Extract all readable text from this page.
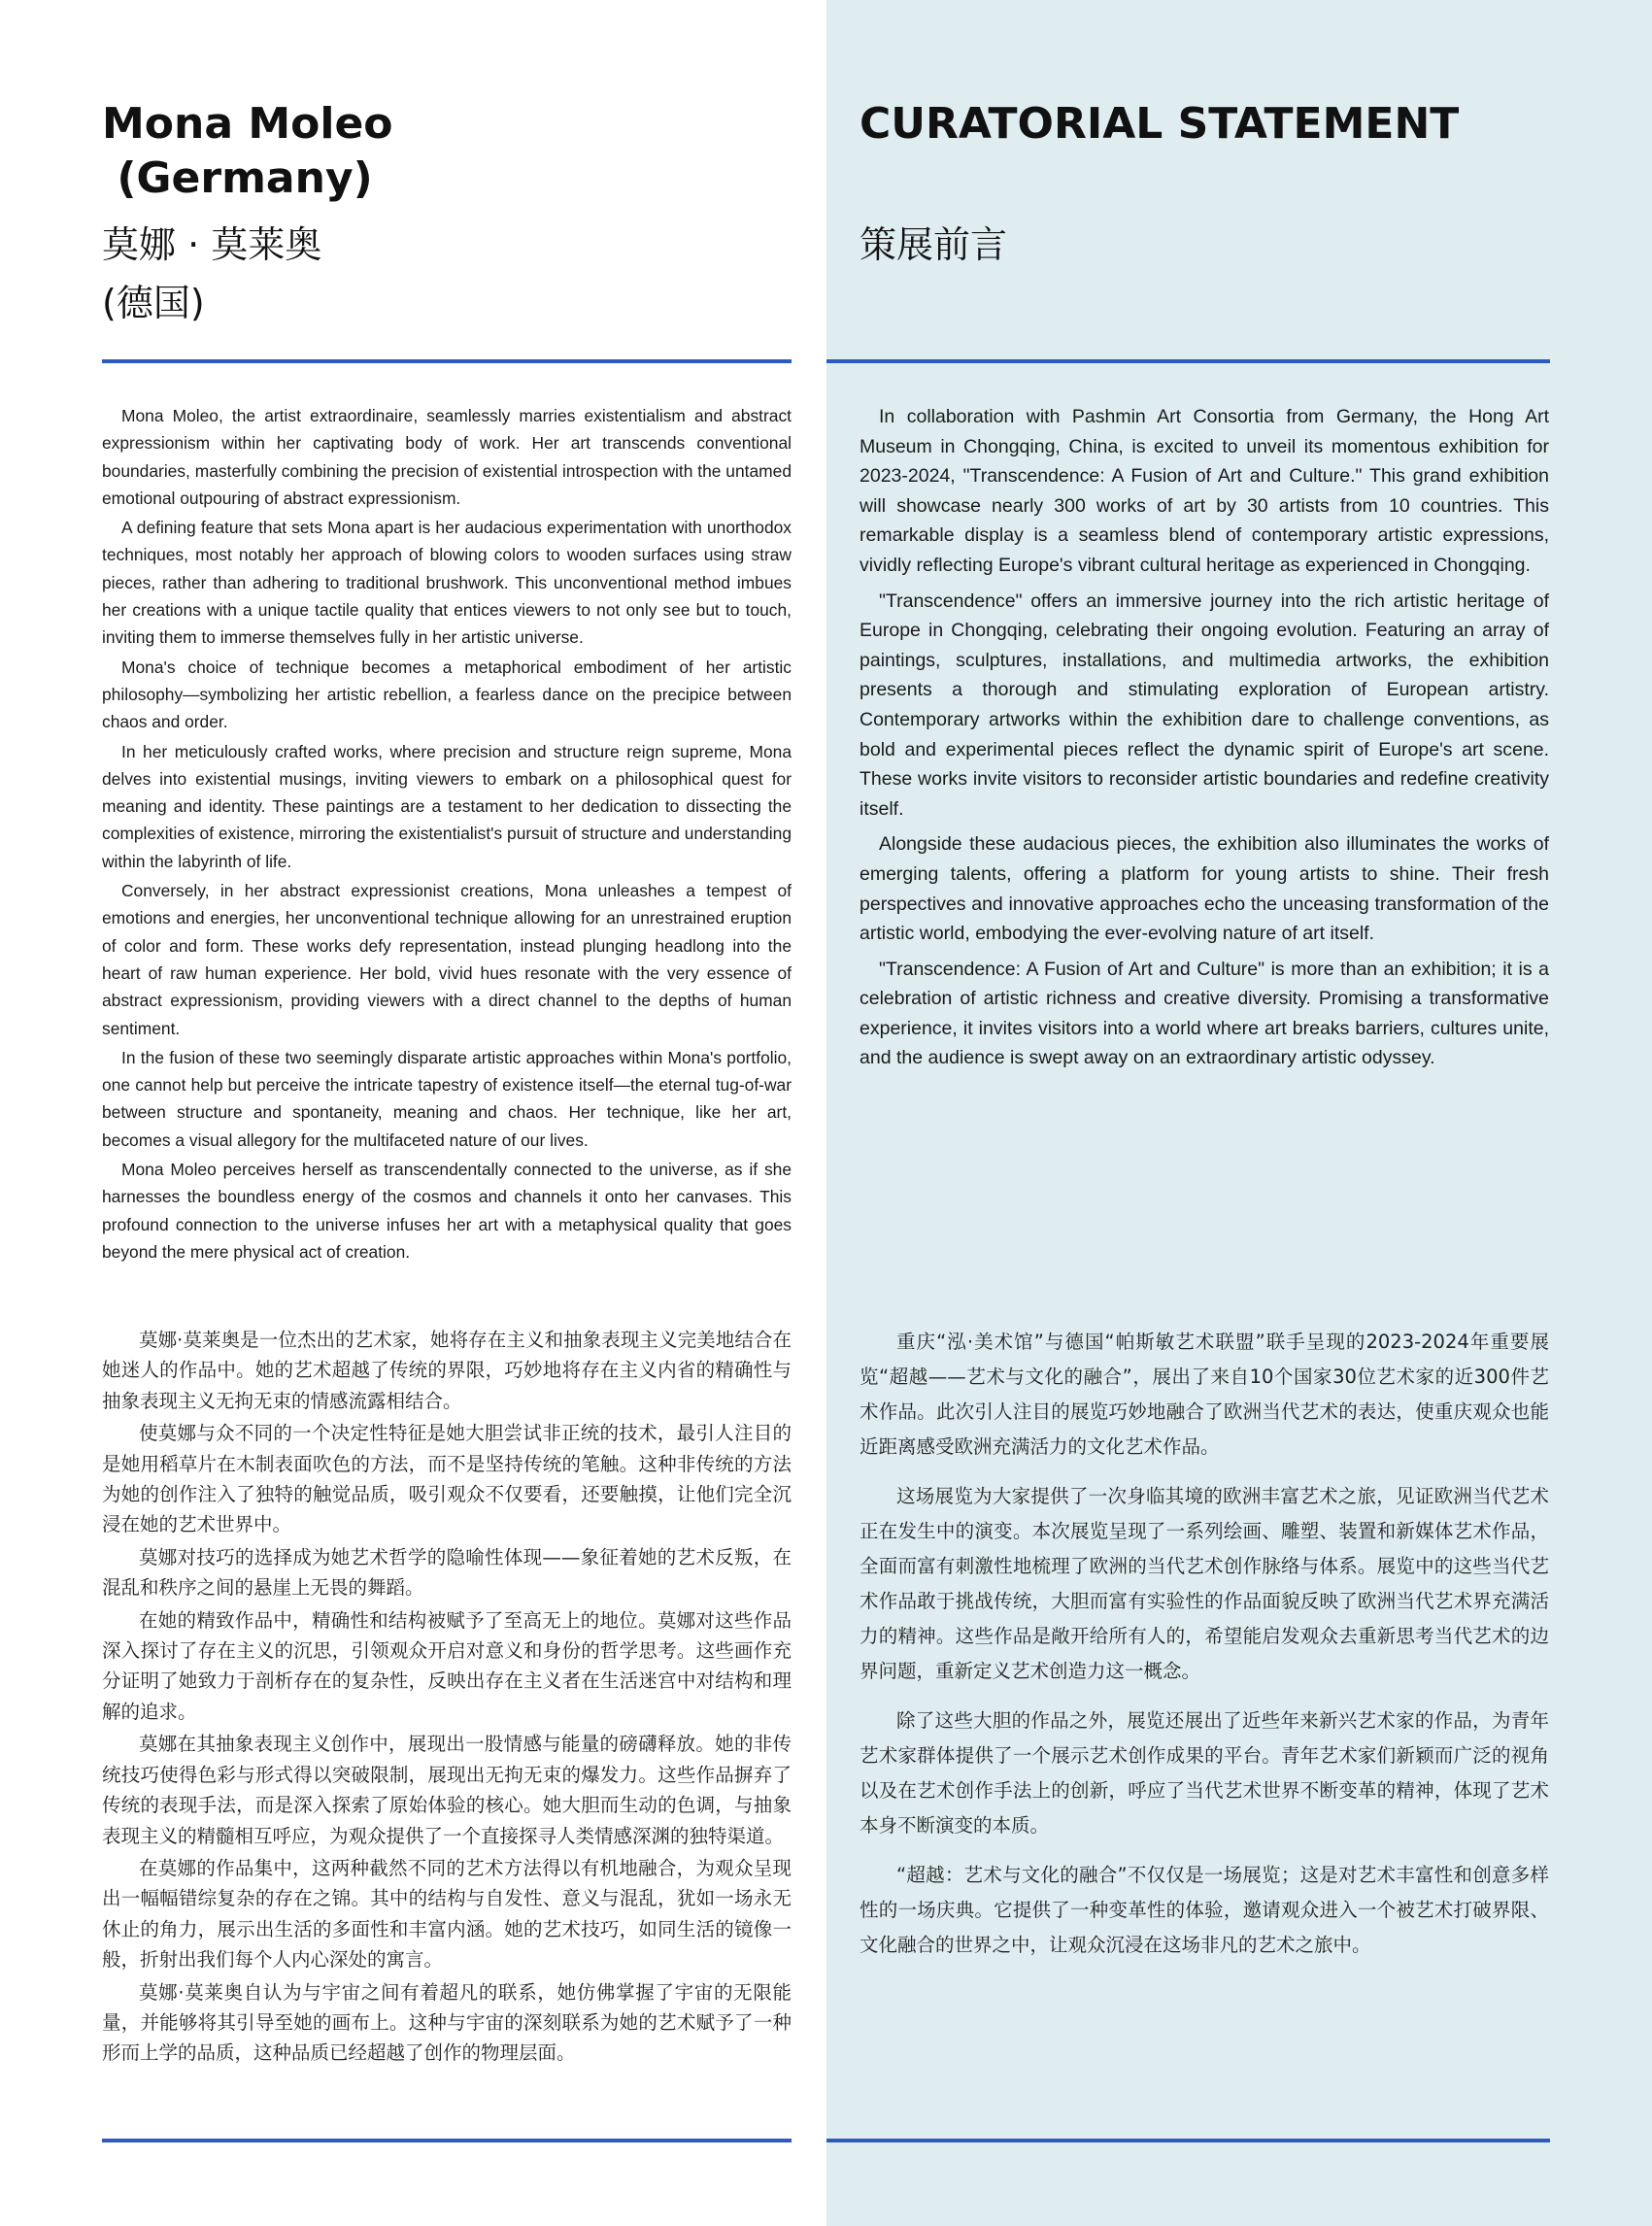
Mona Moleo
(Germany)
莫娜 · 莫莱奥
(德国)
CURATORIAL STATEMENT
策展前言

Mona Moleo, the artist extraordinaire, seamlessly marries existentialism and abstract expressionism within her captivating body of work. Her art transcends conventional boundaries, masterfully combining the precision of existential introspection with the untamed emotional outpouring of abstract expressionism.

A defining feature that sets Mona apart is her audacious experimentation with unorthodox techniques, most notably her approach of blowing colors to wooden surfaces using straw pieces, rather than adhering to traditional brushwork. This unconventional method imbues her creations with a unique tactile quality that entices viewers to not only see but to touch, inviting them to immerse themselves fully in her artistic universe.

Mona's choice of technique becomes a metaphorical embodiment of her artistic philosophy—symbolizing her artistic rebellion, a fearless dance on the precipice between chaos and order.

In her meticulously crafted works, where precision and structure reign supreme, Mona delves into existential musings, inviting viewers to embark on a philosophical quest for meaning and identity. These paintings are a testament to her dedication to dissecting the complexities of existence, mirroring the existentialist's pursuit of structure and understanding within the labyrinth of life.

Conversely, in her abstract expressionist creations, Mona unleashes a tempest of emotions and energies, her unconventional technique allowing for an unrestrained eruption of color and form. These works defy representation, instead plunging headlong into the heart of raw human experience. Her bold, vivid hues resonate with the very essence of abstract expressionism, providing viewers with a direct channel to the depths of human sentiment.

In the fusion of these two seemingly disparate artistic approaches within Mona's portfolio, one cannot help but perceive the intricate tapestry of existence itself—the eternal tug-of-war between structure and spontaneity, meaning and chaos. Her technique, like her art, becomes a visual allegory for the multifaceted nature of our lives.

Mona Moleo perceives herself as transcendentally connected to the universe, as if she harnesses the boundless energy of the cosmos and channels it onto her canvases. This profound connection to the universe infuses her art with a metaphysical quality that goes beyond the mere physical act of creation.

莫娜·莫莱奥是一位杰出的艺术家，她将存在主义和抽象表现主义完美地结合在她迷人的作品中。她的艺术超越了传统的界限，巧妙地将存在主义内省的精确性与抽象表现主义无拘无束的情感流露相结合。

使莫娜与众不同的一个决定性特征是她大胆尝试非正统的技术，最引人注目的是她用稻草片在木制表面吹色的方法，而不是坚持传统的笔触。这种非传统的方法为她的创作注入了独特的触觉品质，吸引观众不仅要看，还要触摸，让他们完全沉浸在她的艺术世界中。

莫娜对技巧的选择成为她艺术哲学的隐喻性体现——象征着她的艺术反叛，在混乱和秩序之间的悬崖上无畏的舞蹈。

在她的精致作品中，精确性和结构被赋予了至高无上的地位。莫娜对这些作品深入探讨了存在主义的沉思，引领观众开启对意义和身份的哲学思考。这些画作充分证明了她致力于剖析存在的复杂性，反映出存在主义者在生活迷宫中对结构和理解的追求。

莫娜在其抽象表现主义创作中，展现出一股情感与能量的磅礴释放。她的非传统技巧使得色彩与形式得以突破限制，展现出无拘无束的爆发力。这些作品摒弃了传统的表现手法，而是深入探索了原始体验的核心。她大胆而生动的色调，与抽象表现主义的精髓相互呼应，为观众提供了一个直接探寻人类情感深渊的独特渠道。

在莫娜的作品集中，这两种截然不同的艺术方法得以有机地融合，为观众呈现出一幅幅错综复杂的存在之锦。其中的结构与自发性、意义与混乱，犹如一场永无休止的角力，展示出生活的多面性和丰富内涵。她的艺术技巧，如同生活的镜像一般，折射出我们每个人内心深处的寓言。

莫娜·莫莱奥自认为与宇宙之间有着超凡的联系，她仿佛掌握了宇宙的无限能量，并能够将其引导至她的画布上。这种与宇宙的深刻联系为她的艺术赋予了一种形而上学的品质，这种品质已经超越了创作的物理层面。

In collaboration with Pashmin Art Consortia from Germany, the Hong Art Museum in Chongqing, China, is excited to unveil its momentous exhibition for 2023-2024, "Transcendence: A Fusion of Art and Culture." This grand exhibition will showcase nearly 300 works of art by 30 artists from 10 countries. This remarkable display is a seamless blend of contemporary artistic expressions, vividly reflecting Europe's vibrant cultural heritage as experienced in Chongqing.

"Transcendence" offers an immersive journey into the rich artistic heritage of Europe in Chongqing, celebrating their ongoing evolution. Featuring an array of paintings, sculptures, installations, and multimedia artworks, the exhibition presents a thorough and stimulating exploration of European artistry. Contemporary artworks within the exhibition dare to challenge conventions, as bold and experimental pieces reflect the dynamic spirit of Europe's art scene. These works invite visitors to reconsider artistic boundaries and redefine creativity itself.

Alongside these audacious pieces, the exhibition also illuminates the works of emerging talents, offering a platform for young artists to shine. Their fresh perspectives and innovative approaches echo the unceasing transformation of the artistic world, embodying the ever-evolving nature of art itself.

"Transcendence: A Fusion of Art and Culture" is more than an exhibition; it is a celebration of artistic richness and creative diversity. Promising a transformative experience, it invites visitors into a world where art breaks barriers, cultures unite, and the audience is swept away on an extraordinary artistic odyssey.

重庆“泓·美术馆”与德国“帕斯敏艺术联盟”联手呈现的2023-2024年重要展览“超越——艺术与文化的融合”，展出了来自10个国家30位艺术家的近300件艺术作品。此次引人注目的展览巧妙地融合了欧洲当代艺术的表达，使重庆观众也能近距离感受欧洲充满活力的文化艺术作品。

这场展览为大家提供了一次身临其境的欧洲丰富艺术之旅，见证欧洲当代艺术正在发生中的演变。本次展览呈现了一系列绘画、雕塑、装置和新媒体艺术作品，全面而富有刺激性地梳理了欧洲的当代艺术创作脉络与体系。展览中的这些当代艺术作品敢于挑战传统，大胆而富有实验性的作品面貌反映了欧洲当代艺术界充满活力的精神。这些作品是敞开给所有人的，希望能启发观众去重新思考当代艺术的边界问题，重新定义艺术创造力这一概念。

除了这些大胆的作品之外，展览还展出了近些年来新兴艺术家的作品，为青年艺术家群体提供了一个展示艺术创作成果的平台。青年艺术家们新颖而广泛的视角以及在艺术创作手法上的创新，呼应了当代艺术世界不断变革的精神，体现了艺术本身不断演变的本质。

“超越：艺术与文化的融合”不仅仅是一场展览；这是对艺术丰富性和创意多样性的一场庆典。它提供了一种变革性的体验，邀请观众进入一个被艺术打破界限、文化融合的世界之中，让观众沉浸在这场非凡的艺术之旅中。
